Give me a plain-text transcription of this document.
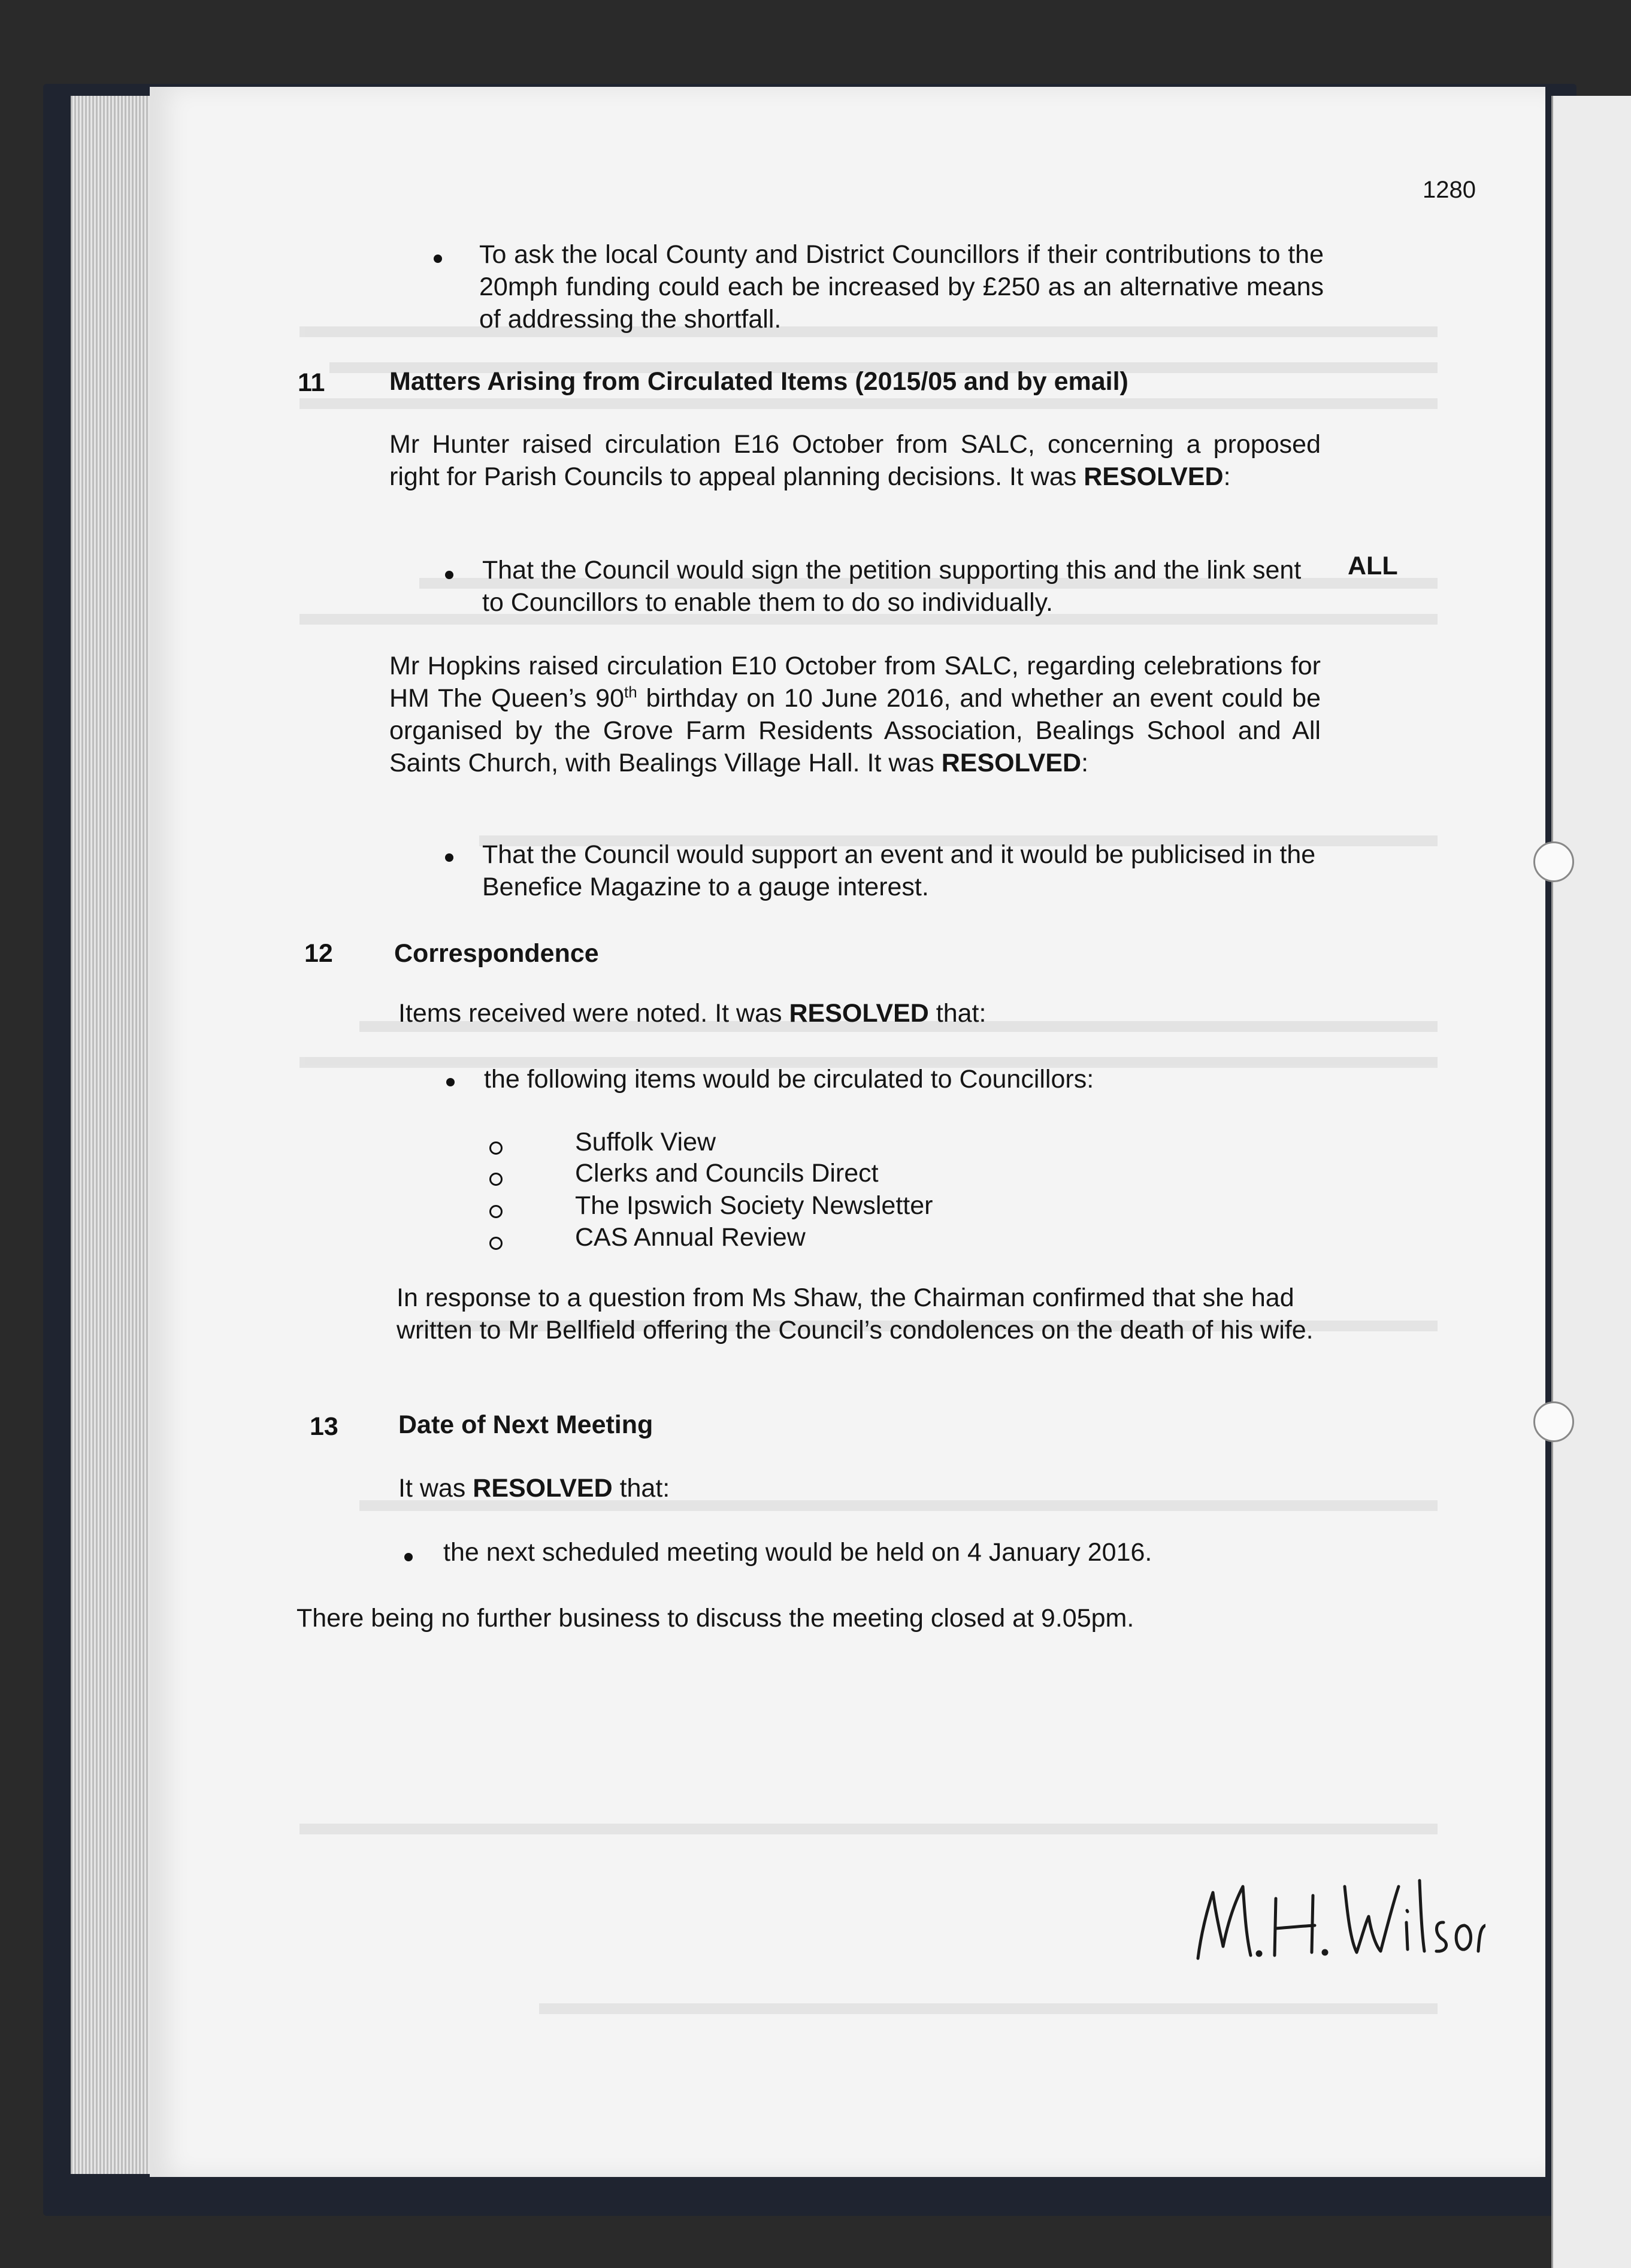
1280
To ask the local County and District Councillors if their contributions to the 20mph funding could each be increased by £250 as an alternative means of addressing the shortfall.
11	Matters Arising from Circulated Items (2015/05 and by email)
Mr Hunter raised circulation E16 October from SALC, concerning a proposed right for Parish Councils to appeal planning decisions. It was RESOLVED:
That the Council would sign the petition supporting this and the link sent to Councillors to enable them to do so individually.
ALL
Mr Hopkins raised circulation E10 October from SALC, regarding celebrations for HM The Queen’s 90th birthday on 10 June 2016, and whether an event could be organised by the Grove Farm Residents Association, Bealings School and All Saints Church, with Bealings Village Hall. It was RESOLVED:
That the Council would support an event and it would be publicised in the Benefice Magazine to a gauge interest.
12 Correspondence
Items received were noted. It was RESOLVED that:
the following items would be circulated to Councillors:
Suffolk View
Clerks and Councils Direct
The Ipswich Society Newsletter
CAS Annual Review
In response to a question from Ms Shaw, the Chairman confirmed that she had written to Mr Bellfield offering the Council’s condolences on the death of his wife.
13 Date of Next Meeting
It was RESOLVED that:
the next scheduled meeting would be held on 4 January 2016.
There being no further business to discuss the meeting closed at 9.05pm.
